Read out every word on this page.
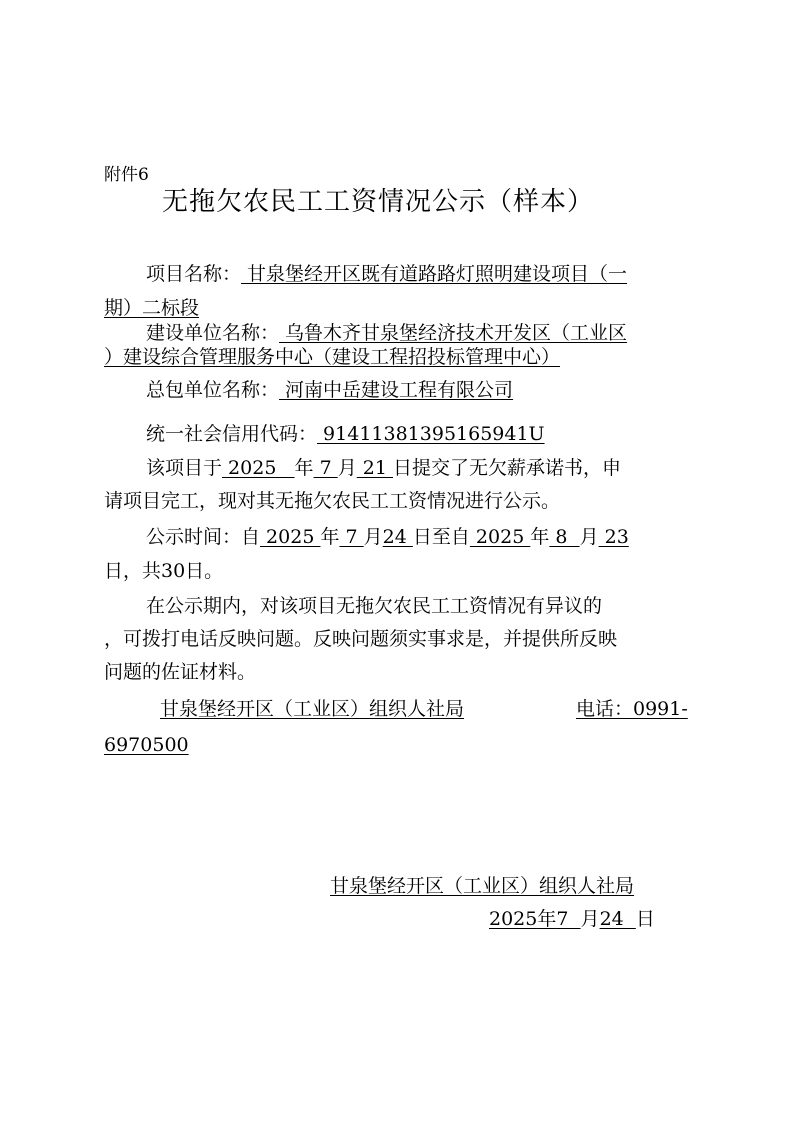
附件6
无拖欠农民工工资情况公示（样本）
项目名称： 甘泉堡经开区既有道路路灯照明建设项目（一
期）二标段
建设单位名称： 乌鲁木齐甘泉堡经济技术开发区（工业区
）建设综合管理服务中心（建设工程招投标管理中心）
总包单位名称： 河南中岳建设工程有限公司
统一社会信用代码： 91411381395165941U
该项目于 2025   年 7 月 21 日提交了无欠薪承诺书，申
请项目完工，现对其无拖欠农民工工资情况进行公示。
公示时间：自 2025 年 7 月24 日至自 2025 年 8  月 23
日，共30日。
在公示期内，对该项目无拖欠农民工工资情况有异议的
，可拨打电话反映问题。反映问题须实事求是，并提供所反映
问题的佐证材料。
甘泉堡经开区（工业区）组织人社局	电话：0991-
6970500
甘泉堡经开区（工业区）组织人社局
2025年7  月24  日
